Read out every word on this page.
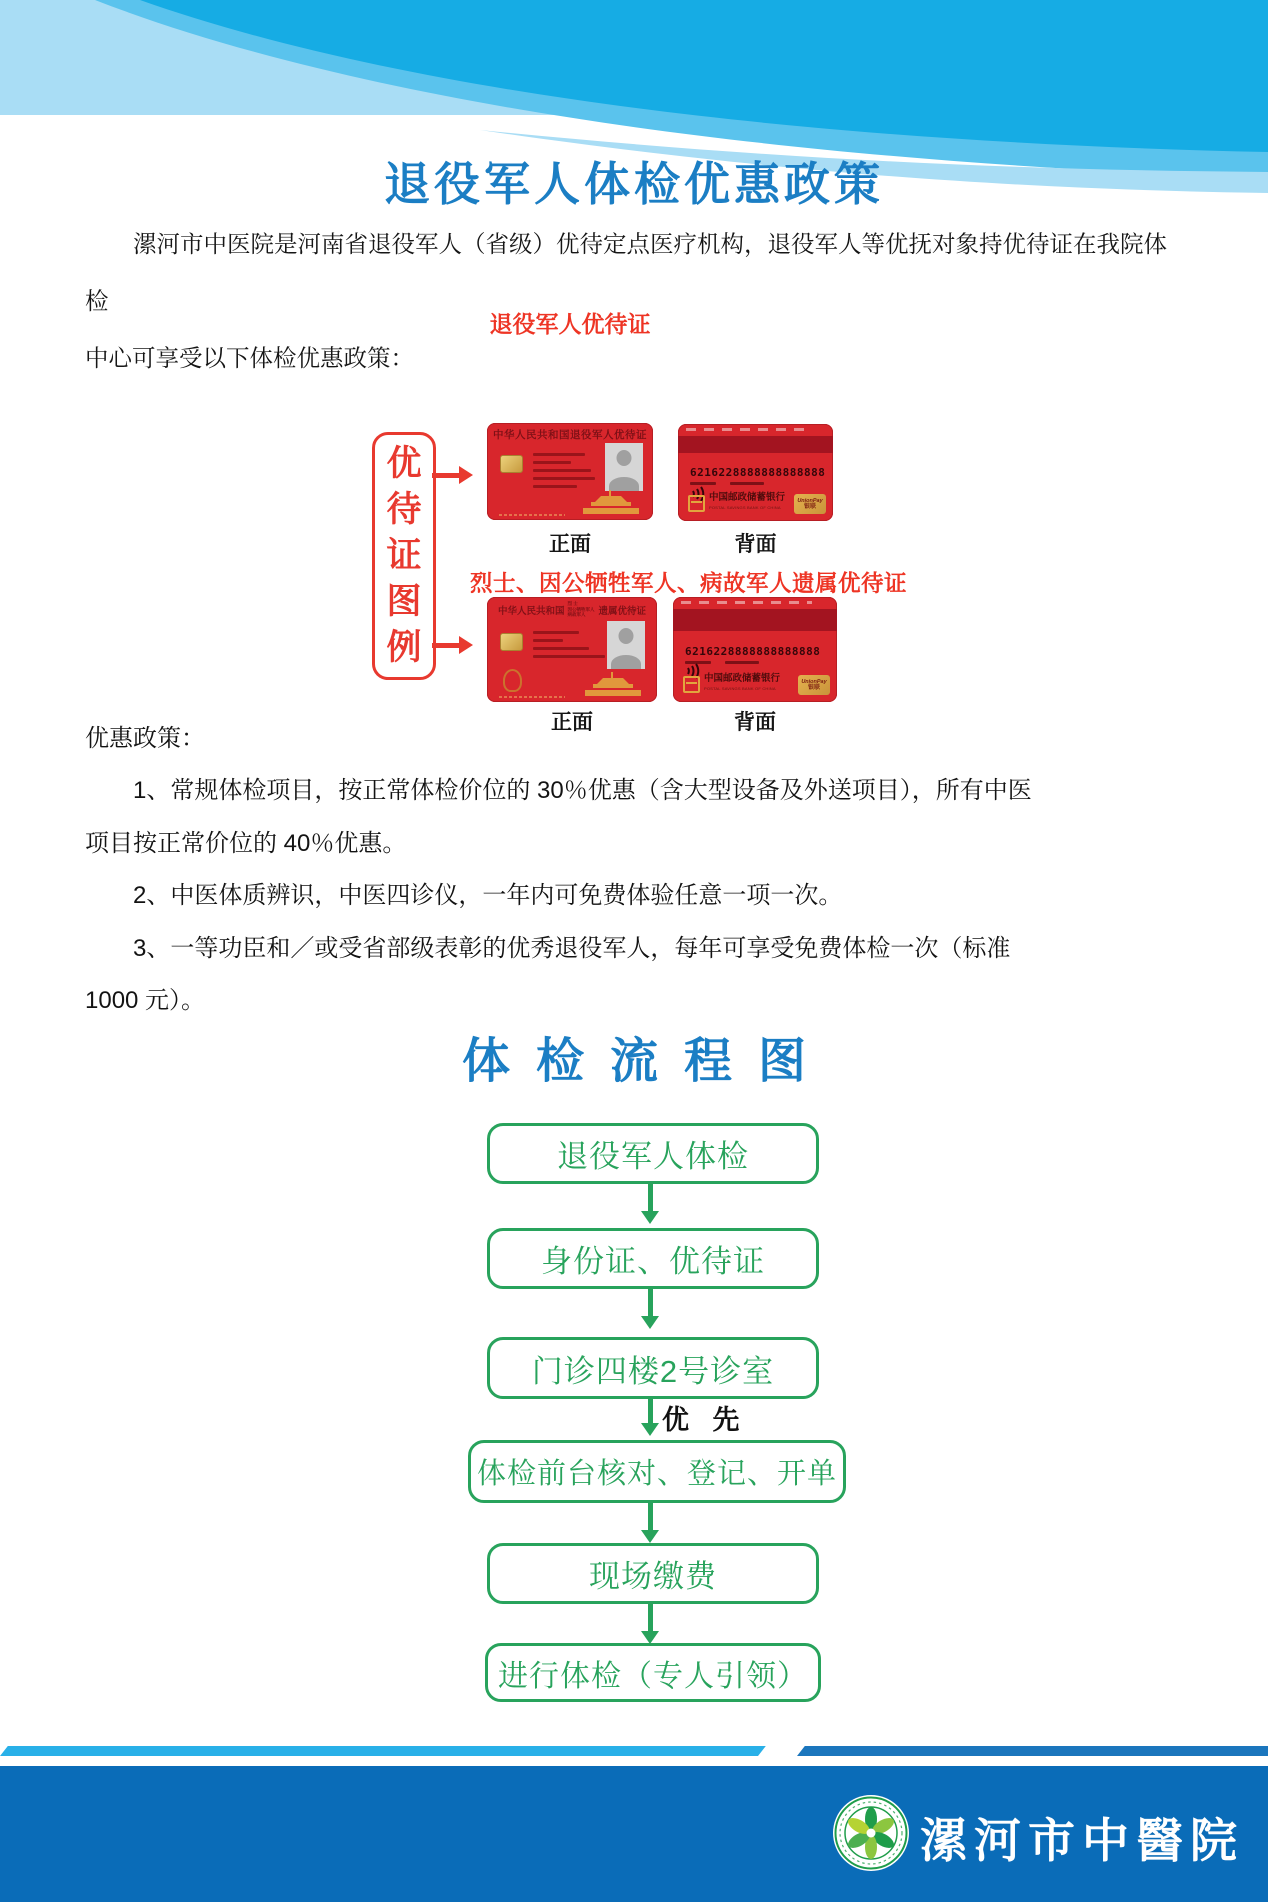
退役军人体检优惠政策
漯河市中医院是河南省退役军人（省级）优待定点医疗机构，退役军人等优抚对象持优待证在我院体检
中心可享受以下体检优惠政策：
优
待
证
图
例
退役军人优待证
中华人民共和国退役军人优待证
6216228888888888888
中国邮政储蓄银行
POSTAL SAVINGS BANK OF CHINA
UnionPay
银联
正面	背面
烈士、因公牺牲军人、病故军人遗属优待证
中华人民共和国
烈 士
因公牺牲军人
病故军人	遗属优待证
6216228888888888888
中国邮政储蓄银行
POSTAL SAVINGS BANK OF CHINA
UnionPay
银联
正面	背面
优惠政策：
1、常规体检项目，按正常体检价位的 30％优惠（含大型设备及外送项目），所有中医
项目按正常价位的 40％优惠。
2、中医体质辨识，中医四诊仪，一年内可免费体验任意一项一次。
3、一等功臣和／或受省部级表彰的优秀退役军人，每年可享受免费体检一次（标准
1000 元）。
体检流程图
退役军人体检
身份证、优待证
门诊四楼2号诊室
优 先
体检前台核对、登记、开单
现场缴费
进行体检（专人引领）
漯河市中醫院
